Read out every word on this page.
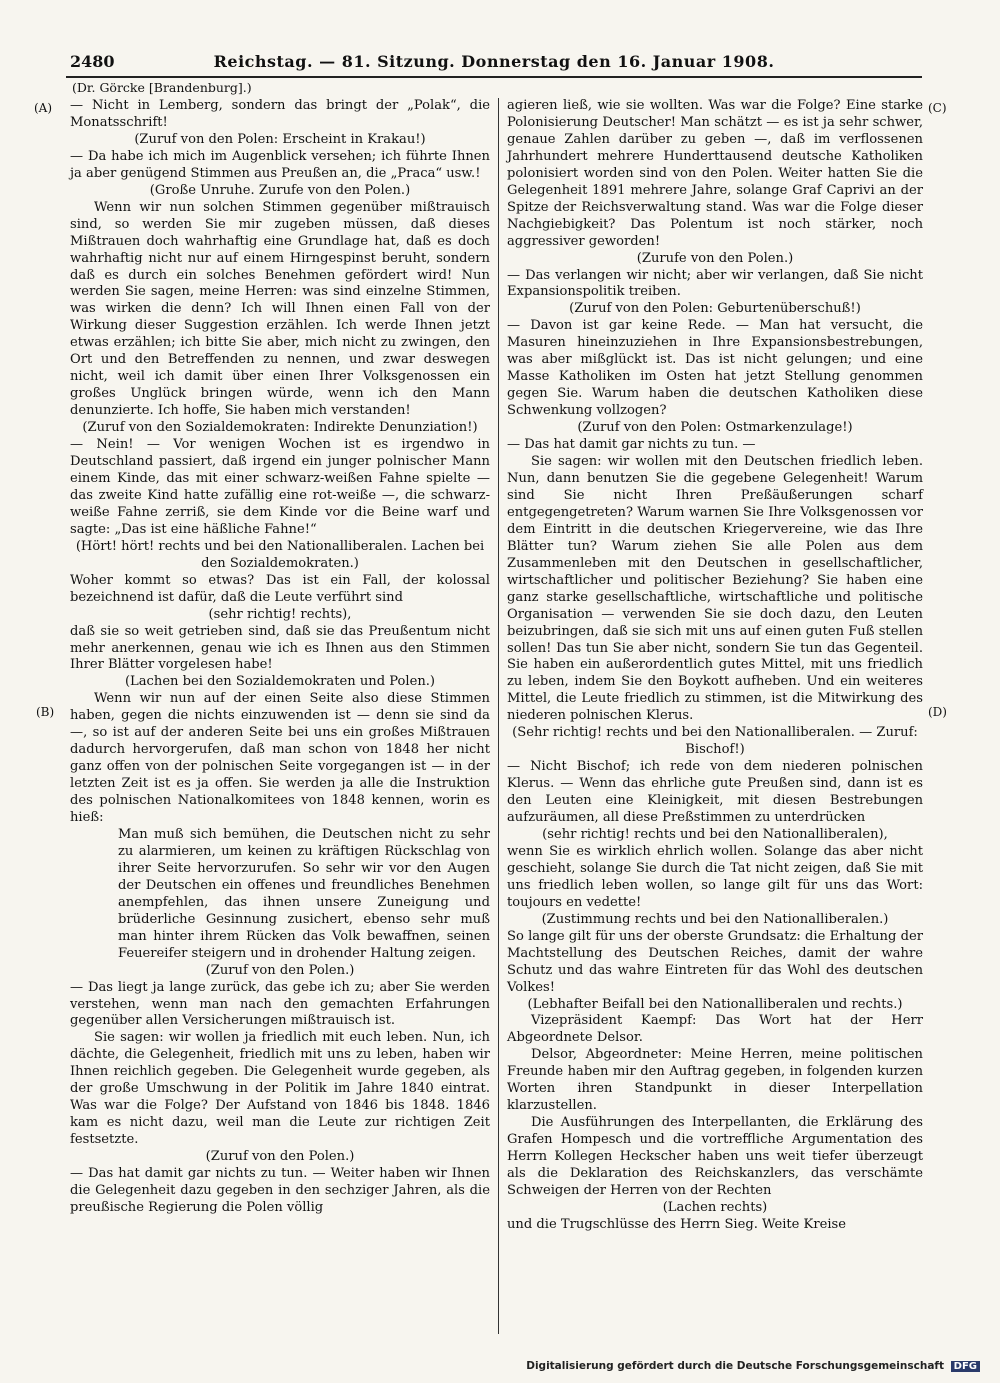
2480	Reichstag. — 81. Sitzung. Donnerstag den 16. Januar 1908.
(Dr. Görcke [Brandenburg].)
(A)
(B)
(C)
(D)

— Nicht in Lemberg, sondern das bringt der „Polak“, die Monatsschrift!

(Zuruf von den Polen: Erscheint in Krakau!)

— Da habe ich mich im Augenblick versehen; ich führte Ihnen ja aber genügend Stimmen aus Preußen an, die „Praca“ usw.!

(Große Unruhe. Zurufe von den Polen.)

Wenn wir nun solchen Stimmen gegenüber mißtrauisch sind, so werden Sie mir zugeben müssen, daß dieses Mißtrauen doch wahrhaftig eine Grundlage hat, daß es doch wahrhaftig nicht nur auf einem Hirngespinst beruht, sondern daß es durch ein solches Benehmen gefördert wird! Nun werden Sie sagen, meine Herren: was sind einzelne Stimmen, was wirken die denn? Ich will Ihnen einen Fall von der Wirkung dieser Suggestion erzählen. Ich werde Ihnen jetzt etwas erzählen; ich bitte Sie aber, mich nicht zu zwingen, den Ort und den Betreffenden zu nennen, und zwar deswegen nicht, weil ich damit über einen Ihrer Volksgenossen ein großes Unglück bringen würde, wenn ich den Mann denunzierte. Ich hoffe, Sie haben mich verstanden!

(Zuruf von den Sozialdemokraten: Indirekte Denunziation!)

— Nein! — Vor wenigen Wochen ist es irgendwo in Deutschland passiert, daß irgend ein junger polnischer Mann einem Kinde, das mit einer schwarz-weißen Fahne spielte — das zweite Kind hatte zufällig eine rot-weiße —, die schwarz-weiße Fahne zerriß, sie dem Kinde vor die Beine warf und sagte: „Das ist eine häßliche Fahne!“

(Hört! hört! rechts und bei den Nationalliberalen. Lachen bei den Sozialdemokraten.)

Woher kommt so etwas? Das ist ein Fall, der kolossal bezeichnend ist dafür, daß die Leute verführt sind

(sehr richtig! rechts),

daß sie so weit getrieben sind, daß sie das Preußentum nicht mehr anerkennen, genau wie ich es Ihnen aus den Stimmen Ihrer Blätter vorgelesen habe!

(Lachen bei den Sozialdemokraten und Polen.)

Wenn wir nun auf der einen Seite also diese Stimmen haben, gegen die nichts einzuwenden ist — denn sie sind da —, so ist auf der anderen Seite bei uns ein großes Mißtrauen dadurch hervorgerufen, daß man schon von 1848 her nicht ganz offen von der polnischen Seite vorgegangen ist — in der letzten Zeit ist es ja offen. Sie werden ja alle die Instruktion des polnischen Nationalkomitees von 1848 kennen, worin es hieß:

Man muß sich bemühen, die Deutschen nicht zu sehr zu alarmieren, um keinen zu kräftigen Rückschlag von ihrer Seite hervorzurufen. So sehr wir vor den Augen der Deutschen ein offenes und freundliches Benehmen anempfehlen, das ihnen unsere Zuneigung und brüderliche Gesinnung zusichert, ebenso sehr muß man hinter ihrem Rücken das Volk bewaffnen, seinen Feuereifer steigern und in drohender Haltung zeigen.

(Zuruf von den Polen.)

— Das liegt ja lange zurück, das gebe ich zu; aber Sie werden verstehen, wenn man nach den gemachten Erfahrungen gegenüber allen Versicherungen mißtrauisch ist.

Sie sagen: wir wollen ja friedlich mit euch leben. Nun, ich dächte, die Gelegenheit, friedlich mit uns zu leben, haben wir Ihnen reichlich gegeben. Die Gelegenheit wurde gegeben, als der große Umschwung in der Politik im Jahre 1840 eintrat. Was war die Folge? Der Aufstand von 1846 bis 1848. 1846 kam es nicht dazu, weil man die Leute zur richtigen Zeit festsetzte.

(Zuruf von den Polen.)

— Das hat damit gar nichts zu tun. — Weiter haben wir Ihnen die Gelegenheit dazu gegeben in den sechziger Jahren, als die preußische Regierung die Polen völlig

agieren ließ, wie sie wollten. Was war die Folge? Eine starke Polonisierung Deutscher! Man schätzt — es ist ja sehr schwer, genaue Zahlen darüber zu geben —, daß im verflossenen Jahrhundert mehrere Hunderttausend deutsche Katholiken polonisiert worden sind von den Polen. Weiter hatten Sie die Gelegenheit 1891 mehrere Jahre, solange Graf Caprivi an der Spitze der Reichsverwaltung stand. Was war die Folge dieser Nachgiebigkeit? Das Polentum ist noch stärker, noch aggressiver geworden!

(Zurufe von den Polen.)

— Das verlangen wir nicht; aber wir verlangen, daß Sie nicht Expansionspolitik treiben.

(Zuruf von den Polen: Geburtenüberschuß!)

— Davon ist gar keine Rede. — Man hat versucht, die Masuren hineinzuziehen in Ihre Expansionsbestrebungen, was aber mißglückt ist. Das ist nicht gelungen; und eine Masse Katholiken im Osten hat jetzt Stellung genommen gegen Sie. Warum haben die deutschen Katholiken diese Schwenkung vollzogen?

(Zuruf von den Polen: Ostmarkenzulage!)

— Das hat damit gar nichts zu tun. —

Sie sagen: wir wollen mit den Deutschen friedlich leben. Nun, dann benutzen Sie die gegebene Gelegenheit! Warum sind Sie nicht Ihren Preßäußerungen scharf entgegengetreten? Warum warnen Sie Ihre Volksgenossen vor dem Eintritt in die deutschen Kriegervereine, wie das Ihre Blätter tun? Warum ziehen Sie alle Polen aus dem Zusammenleben mit den Deutschen in gesellschaftlicher, wirtschaftlicher und politischer Beziehung? Sie haben eine ganz starke gesellschaftliche, wirtschaftliche und politische Organisation — verwenden Sie sie doch dazu, den Leuten beizubringen, daß sie sich mit uns auf einen guten Fuß stellen sollen! Das tun Sie aber nicht, sondern Sie tun das Gegenteil. Sie haben ein außerordentlich gutes Mittel, mit uns friedlich zu leben, indem Sie den Boykott aufheben. Und ein weiteres Mittel, die Leute friedlich zu stimmen, ist die Mitwirkung des niederen polnischen Klerus.

(Sehr richtig! rechts und bei den Nationalliberalen. — Zuruf: Bischof!)

— Nicht Bischof; ich rede von dem niederen polnischen Klerus. — Wenn das ehrliche gute Preußen sind, dann ist es den Leuten eine Kleinigkeit, mit diesen Bestrebungen aufzuräumen, all diese Preßstimmen zu unterdrücken

(sehr richtig! rechts und bei den Nationalliberalen),

wenn Sie es wirklich ehrlich wollen. Solange das aber nicht geschieht, solange Sie durch die Tat nicht zeigen, daß Sie mit uns friedlich leben wollen, so lange gilt für uns das Wort: toujours en vedette!

(Zustimmung rechts und bei den Nationalliberalen.)

So lange gilt für uns der oberste Grundsatz: die Erhaltung der Machtstellung des Deutschen Reiches, damit der wahre Schutz und das wahre Eintreten für das Wohl des deutschen Volkes!

(Lebhafter Beifall bei den Nationalliberalen und rechts.)

Vizepräsident Kaempf: Das Wort hat der Herr Abgeordnete Delsor.

Delsor, Abgeordneter: Meine Herren, meine politischen Freunde haben mir den Auftrag gegeben, in folgenden kurzen Worten ihren Standpunkt in dieser Interpellation klarzustellen.

Die Ausführungen des Interpellanten, die Erklärung des Grafen Hompesch und die vortreffliche Argumentation des Herrn Kollegen Heckscher haben uns weit tiefer überzeugt als die Deklaration des Reichskanzlers, das verschämte Schweigen der Herren von der Rechten

(Lachen rechts)

und die Trugschlüsse des Herrn Sieg. Weite Kreise

Digitalisierung gefördert durch die Deutsche Forschungsgemeinschaft DFG
